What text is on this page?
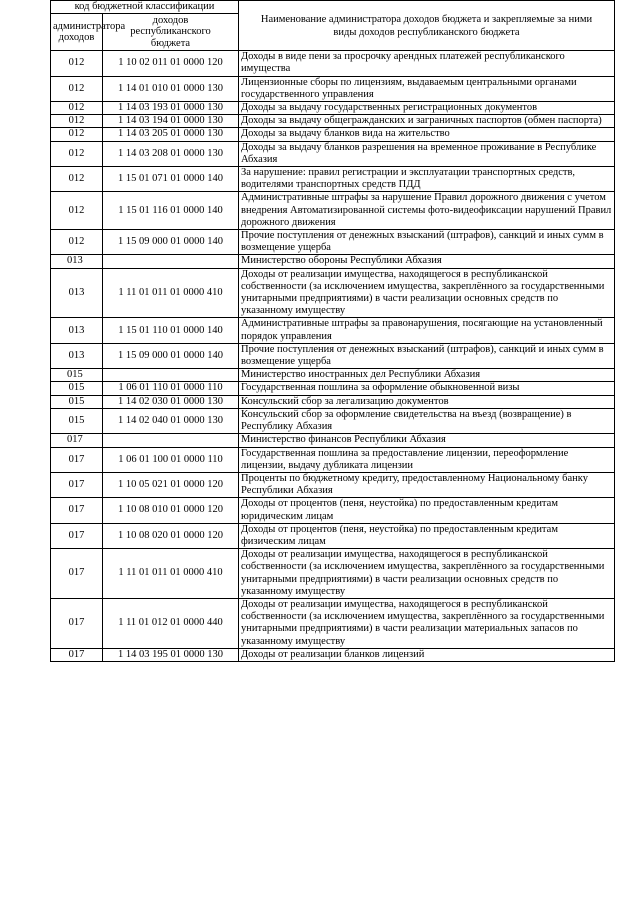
код бюджетной классификации		Наименование администратора доходов бюджета и закрепляемые за ними виды доходов республиканского бюджета
администратора доходов	доходов республиканского бюджета	
012	1 10 02 011 01 0000 120	Доходы в виде пени за просрочку арендных платежей республиканского имущества
012	1 14 01 010 01 0000 130	Лицензионные сборы по лицензиям, выдаваемым центральными органами государственного управления
012	1 14 03 193 01 0000 130	Доходы за выдачу государственных регистрационных документов
012	1 14 03 194 01 0000 130	Доходы за выдачу общегражданских и заграничных паспортов (обмен паспорта)
012	1 14 03 205 01 0000 130	Доходы за выдачу бланков вида на жительство
012	1 14 03 208 01 0000 130	Доходы за выдачу бланков разрешения на временное проживание в Республике Абхазия
012	1 15 01 071 01 0000 140	За нарушение: правил регистрации и эксплуатации транспортных средств, водителями транспортных средств ПДД
012	1 15 01 116 01 0000 140	Административные штрафы за нарушение Правил дорожного движения с учетом внедрения Автоматизированной системы фото-видеофиксации нарушений Правил дорожного движения
012	1 15 09 000 01 0000 140	Прочие поступления от денежных взысканий (штрафов), санкций и иных сумм в возмещение ущерба
013		Министерство обороны Республики Абхазия
013	1 11 01 011 01 0000 410	Доходы от реализации имущества, находящегося в республиканской собственности (за исключением имущества, закреплённого за государственными унитарными предприятиями) в части реализации основных средств по указанному имуществу
013	1 15 01 110 01 0000 140	Административные штрафы за правонарушения, посягающие на установленный порядок управления
013	1 15 09 000 01 0000 140	Прочие поступления от денежных взысканий (штрафов), санкций и иных сумм в возмещение ущерба
015		Министерство иностранных дел Республики Абхазия
015	1 06 01 110 01 0000 110	Государственная пошлина за оформление обыкновенной визы
015	1 14 02 030 01 0000 130	Консульский сбор за легализацию документов
015	1 14 02 040 01 0000 130	Консульский сбор за оформление свидетельства на въезд (возвращение) в Республику Абхазия
017		Министерство финансов Республики Абхазия
017	1 06 01 100 01 0000 110	Государственная пошлина за предоставление лицензии, переоформление лицензии, выдачу дубликата лицензии
017	1 10 05 021 01 0000 120	Проценты по бюджетному кредиту, предоставленному Национальному банку Республики Абхазия
017	1 10 08 010 01 0000 120	Доходы от процентов (пеня, неустойка) по предоставленным кредитам юридическим лицам
017	1 10 08 020 01 0000 120	Доходы от процентов (пеня, неустойка) по предоставленным кредитам физическим лицам
017	1 11 01 011 01 0000 410	Доходы от реализации имущества, находящегося в республиканской собственности (за исключением имущества, закреплённого за государственными унитарными предприятиями) в части реализации основных средств по указанному имуществу
017	1 11 01 012 01 0000 440	Доходы от реализации имущества, находящегося в республиканской собственности (за исключением имущества, закреплённого за государственными унитарными предприятиями) в части реализации материальных запасов по указанному имуществу
017	1 14 03 195 01 0000 130	Доходы от реализации бланков лицензий
